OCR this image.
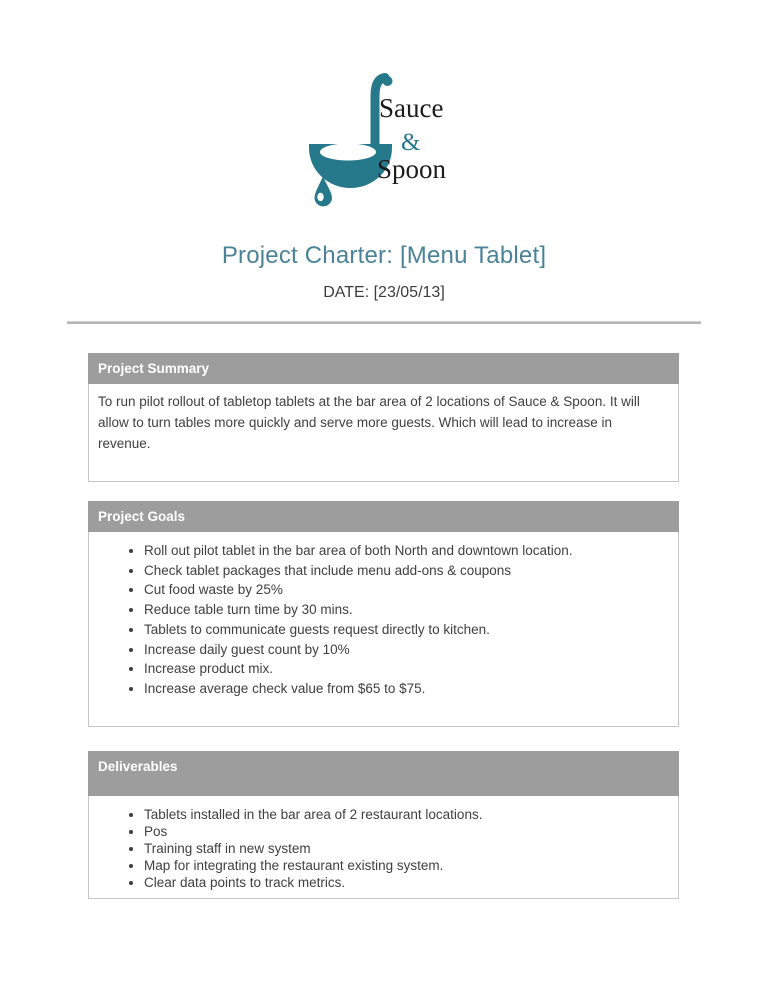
Sauce
&
Spoon
Project Charter: [Menu Tablet]
DATE: [23/05/13]
Project Summary
To run pilot rollout of tabletop tablets at the bar area of 2 locations of Sauce & Spoon. It will allow to turn tables more quickly and serve more guests. Which will lead to increase in revenue.
Project Goals
• Roll out pilot tablet in the bar area of both North and downtown location.
• Check tablet packages that include menu add-ons & coupons
• Cut food waste by 25%
• Reduce table turn time by 30 mins.
• Tablets to communicate guests request directly to kitchen.
• Increase daily guest count by 10%
• Increase product mix.
• Increase average check value from $65 to $75.
Deliverables
• Tablets installed in the bar area of 2 restaurant locations.
• Pos
• Training staff in new system
• Map for integrating the restaurant existing system.
• Clear data points to track metrics.
